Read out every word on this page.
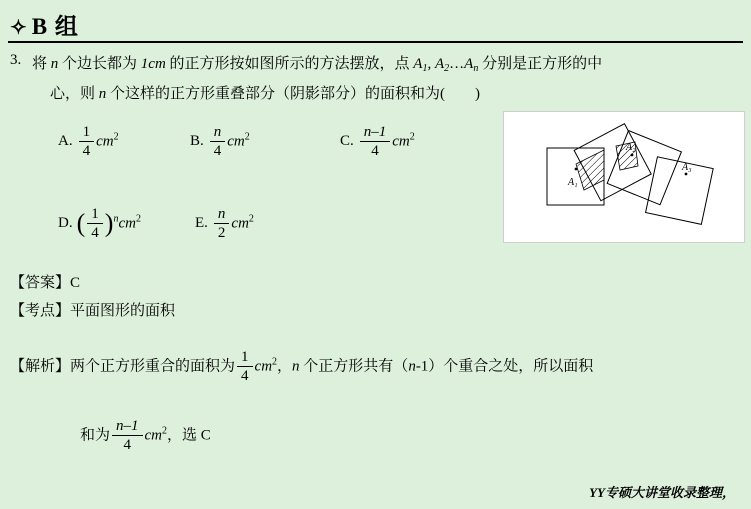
✧ B 组
3. 将 n 个边长都为 1cm 的正方形按如图所示的方法摆放，点 $A_1$, $A_2\dots A_n$ 分别是正方形的中
心，则 n 个这样的正方形重叠部分（阴影部分）的面积和为(　　)
A. $\frac{1}{4} cm^2$	B. $\frac{n}{4} cm^2$	C. $\frac{n-1}{4} cm^2$
D. ( $\frac{1}{4} )^ncm^2$	E. $\frac{n}{2} cm^2$
A₁
A₂
A₃
【答案】C
【考点】平面图形的面积
【解析】两个正方形重合的面积为 $\frac{1}{4} cm^2$，n 个正方形共有（n-1）个重合之处，所以面积
和为 $\frac{n-1}{4} cm^2$，选 C
YY专硕大讲堂收录整理，
